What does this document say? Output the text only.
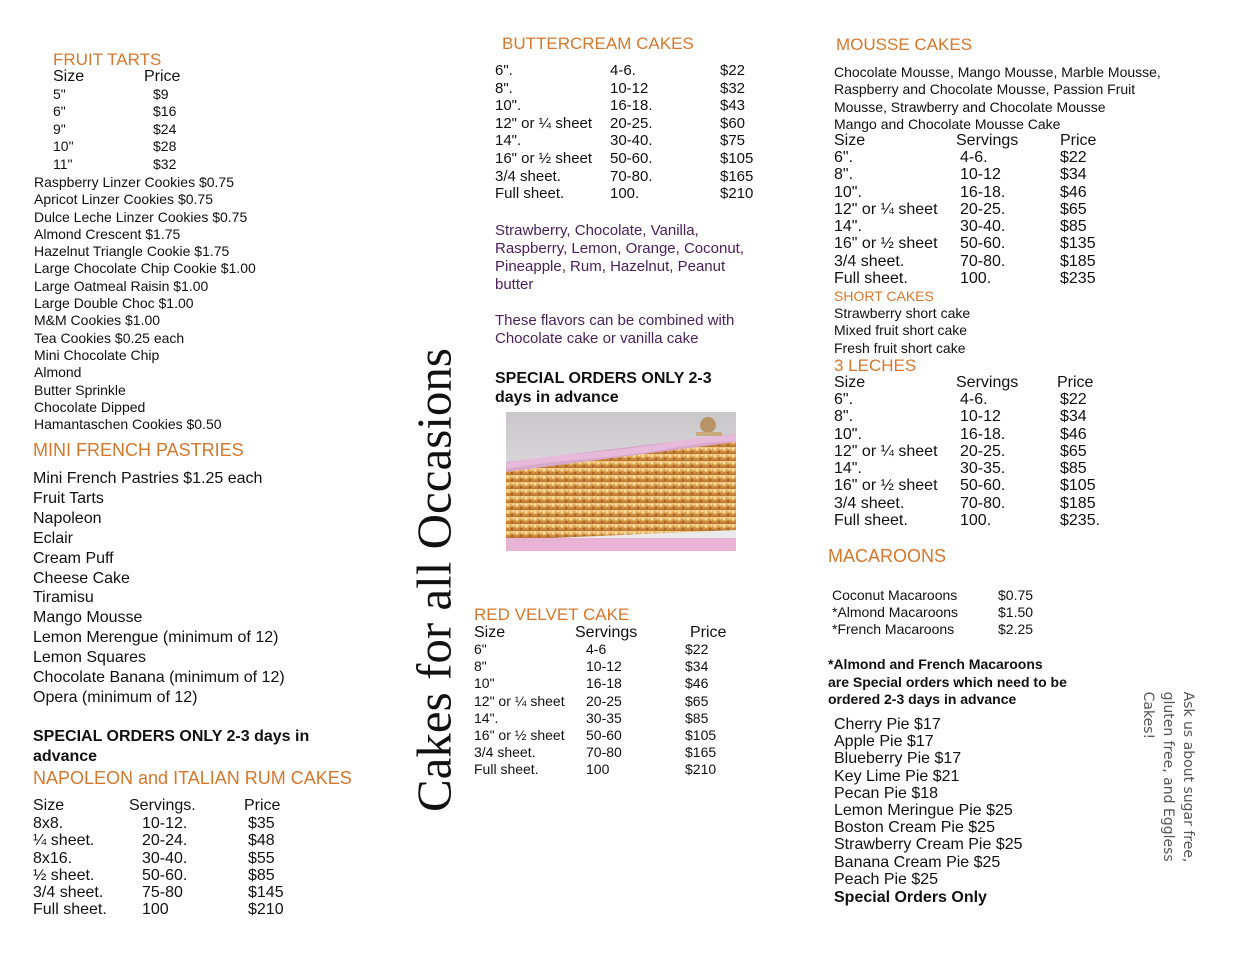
FRUIT TARTS
Size	Price
5"	$9
6"	$16
9"	$24
10"	$28
11"	$32
Raspberry Linzer Cookies $0.75
Apricot Linzer Cookies $0.75
Dulce Leche Linzer Cookies $0.75
Almond Crescent $1.75
Hazelnut Triangle Cookie $1.75
Large Chocolate Chip Cookie $1.00
Large Oatmeal Raisin $1.00
Large Double Choc $1.00
M&M Cookies $1.00
Tea Cookies $0.25 each
Mini Chocolate Chip
Almond
Butter Sprinkle
Chocolate Dipped
Hamantaschen Cookies $0.50
MINI FRENCH PASTRIES
Mini French Pastries $1.25 each
Fruit Tarts
Napoleon
Eclair
Cream Puff
Cheese Cake
Tiramisu
Mango Mousse
Lemon Merengue (minimum of 12)
Lemon Squares
Chocolate Banana (minimum of 12)
Opera (minimum of 12)
SPECIAL ORDERS ONLY 2-3 days in
advance
NAPOLEON and ITALIAN RUM CAKES
Size	Servings.	Price
8x8.	10-12.	$35
¼ sheet.	20-24.	$48
8x16.	30-40.	$55
½ sheet.	50-60.	$85
3/4 sheet. 75-80	$145
Full sheet. 100	$210
Cakes for all Occasions
BUTTERCREAM CAKES
6".	4-6.	$22
8".	10-12	$32
10".	16-18.	$43
12" or ¼ sheet 20-25.	$60
14".	30-40.	$75
16" or ½ sheet 50-60.	$105
3/4 sheet.	70-80.	$165
Full sheet.	100.	$210
Strawberry, Chocolate, Vanilla,
Raspberry, Lemon, Orange, Coconut,
Pineapple, Rum, Hazelnut, Peanut
butter
These flavors can be combined with
Chocolate cake or vanilla cake
SPECIAL ORDERS ONLY 2-3
days in advance
RED VELVET CAKE
Size	Servings	Price
6"	4-6	$22
8"	10-12	$34
10"	16-18	$46
12" or ¼ sheet 20-25	$65
14".	30-35	$85
16" or ½ sheet 50-60	$105
3/4 sheet.	70-80	$165
Full sheet.	100	$210
MOUSSE CAKES
Chocolate Mousse, Mango Mousse, Marble Mousse,
Raspberry and Chocolate Mousse, Passion Fruit
Mousse, Strawberry and Chocolate Mousse
Mango and Chocolate Mousse Cake
Size	Servings	Price
6".	4-6.	$22
8".	10-12	$34
10".	16-18.	$46
12" or ¼ sheet 20-25.	$65
14".	30-40.	$85
16" or ½ sheet 50-60.	$135
3/4 sheet.	70-80.	$185
Full sheet.	100.	$235
SHORT CAKES
Strawberry short cake
Mixed fruit short cake
Fresh fruit short cake
3 LECHES
Size	Servings Price
6".	4-6.	$22
8".	10-12	$34
10".	16-18.	$46
12" or ¼ sheet 20-25.	$65
14".	30-35.	$85
16" or ½ sheet 50-60.	$105
3/4 sheet.	70-80.	$185
Full sheet.	100.	$235.
MACAROONS
Coconut Macaroons	$0.75
*Almond Macaroons	$1.50
*French Macaroons	$2.25
*Almond and French Macaroons
are Special orders which need to be
ordered 2-3 days in advance
Cherry Pie $17
Apple Pie $17
Blueberry Pie $17
Key Lime Pie $21
Pecan Pie $18
Lemon Meringue Pie $25
Boston Cream Pie $25
Strawberry Cream Pie $25
Banana Cream Pie $25
Peach Pie $25
Special Orders Only
Ask us about sugar free,
gluten free, and Eggless
Cakes!
